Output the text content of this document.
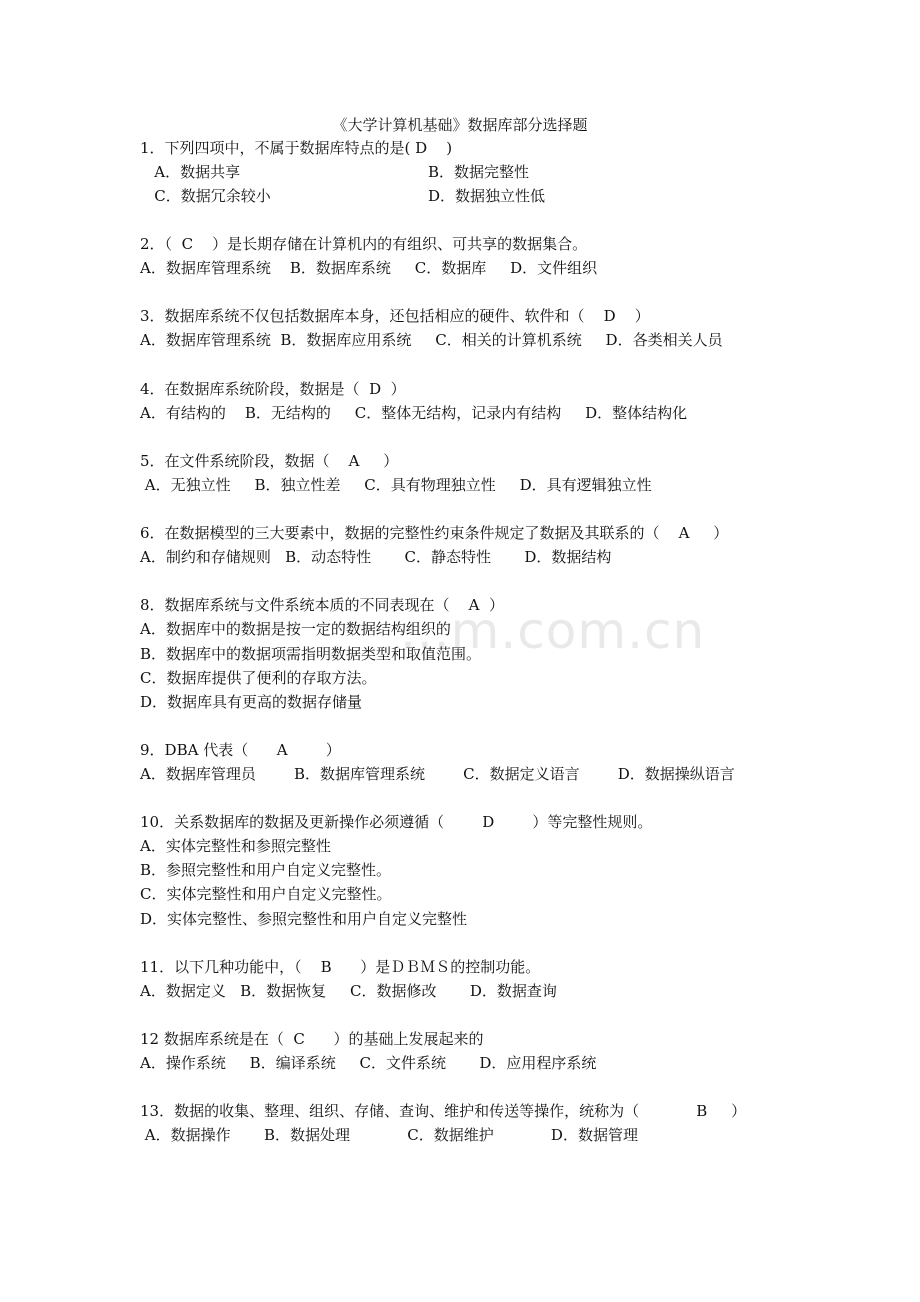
...m.com.cn
《大学计算机基础》数据库部分选择题
1．下列四项中，不属于数据库特点的是( D    )
A．数据共享	B．数据完整性
C．数据冗余较小	D．数据独立性低
2．（  C    ）是长期存储在计算机内的有组织、可共享的数据集合。
A．数据库管理系统    B．数据库系统     C．数据库     D．文件组织
3．数据库系统不仅包括数据库本身，还包括相应的硬件、软件和（    D    ）
A．数据库管理系统  B．数据库应用系统     C．相关的计算机系统     D．各类相关人员
4．在数据库系统阶段，数据是（  D  ）
A．有结构的    B．无结构的     C．整体无结构，记录内有结构     D．整体结构化
5．在文件系统阶段，数据（    A     ）
A．无独立性     B．独立性差     C．具有物理独立性     D．具有逻辑独立性
6．在数据模型的三大要素中，数据的完整性约束条件规定了数据及其联系的（    A     ）
A．制约和存储规则   B．动态特性       C．静态特性       D．数据结构
8．数据库系统与文件系统本质的不同表现在（    A  ）
A．数据库中的数据是按一定的数据结构组织的
B．数据库中的数据项需指明数据类型和取值范围。
C．数据库提供了便利的存取方法。
D．数据库具有更高的数据存储量
9．DBA 代表（      A        ）
A．数据库管理员        B．数据库管理系统        C．数据定义语言        D．数据操纵语言
10．关系数据库的数据及更新操作必须遵循（        D        ）等完整性规则。
A．实体完整性和参照完整性
B．参照完整性和用户自定义完整性。
C．实体完整性和用户自定义完整性。
D．实体完整性、参照完整性和用户自定义完整性
11．以下几种功能中，（    B      ）是ＤＢＭＳ的控制功能。
A．数据定义   B．数据恢复     C．数据修改       D．数据查询
12 数据库系统是在（  C      ）的基础上发展起来的
A．操作系统     B．编译系统     C．文件系统       D．应用程序系统
13．数据的收集、整理、组织、存储、查询、维护和传送等操作，统称为（            B     ）
A．数据操作       B．数据处理            C．数据维护            D．数据管理
